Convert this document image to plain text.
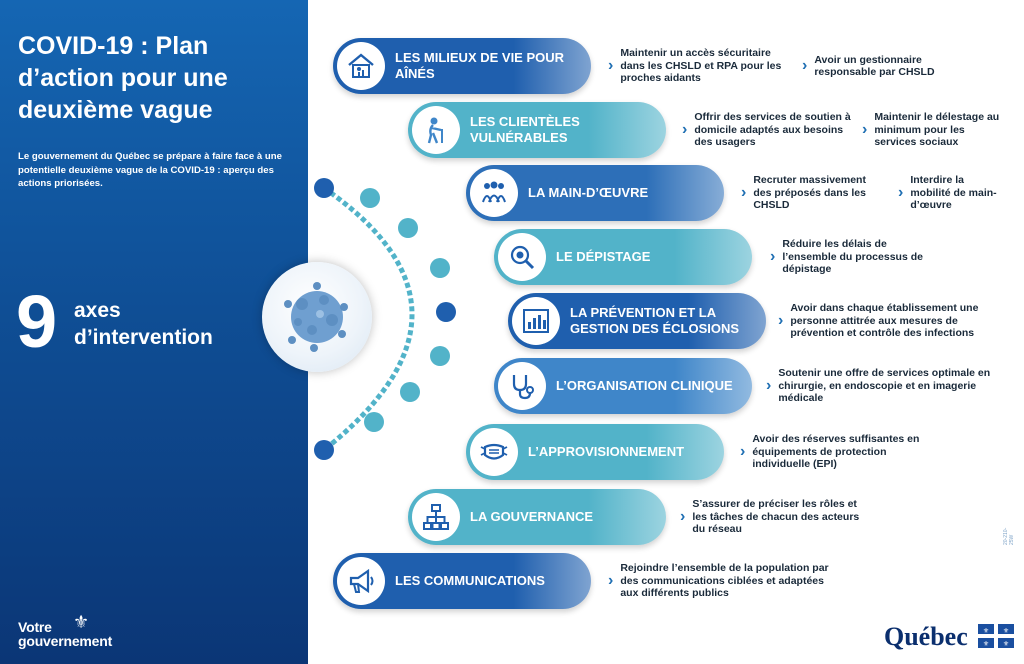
COVID-19 : Plan d’action pour une deuxième vague

Le gouvernement du Québec se prépare à faire face à une potentielle deuxième vague de la COVID-19 : aperçu des actions priorisées.

9 axes
d’intervention
Votre
gouvernement
⚜
LES MILIEUX DE VIE POUR AÎNÉS	›
Maintenir un accès sécuritaire dans les CHSLD et RPA pour les proches aidants
› Avoir un gestionnaire responsable par CHSLD
LES CLIENTÈLES VULNÉRABLES	›
Offrir des services de soutien à domicile adaptés aux besoins des usagers
›
Maintenir le délestage au minimum pour les services sociaux
LA MAIN-D’ŒUVRE	›
Recruter massivement des préposés dans les CHSLD
›
Interdire la mobilité de main-d’œuvre
LE DÉPISTAGE	›
Réduire les délais de l’ensemble du processus de dépistage
LA PRÉVENTION ET LA GESTION DES ÉCLOSIONS	›
Avoir dans chaque établissement une personne attitrée aux mesures de prévention et contrôle des infections
L’ORGANISATION CLINIQUE	›
Soutenir une offre de services optimale en chirurgie, en endoscopie et en imagerie médicale
L’APPROVISIONNEMENT	›
Avoir des réserves suffisantes en équipements de protection individuelle (EPI)
LA GOUVERNANCE	›
S’assurer de préciser les rôles et les tâches de chacun des acteurs du réseau
LES COMMUNICATIONS	›
Rejoindre l’ensemble de la population par des communications ciblées et adaptées aux différents publics
Québec ⚜ ⚜
⚜ ⚜
20-210-25W
